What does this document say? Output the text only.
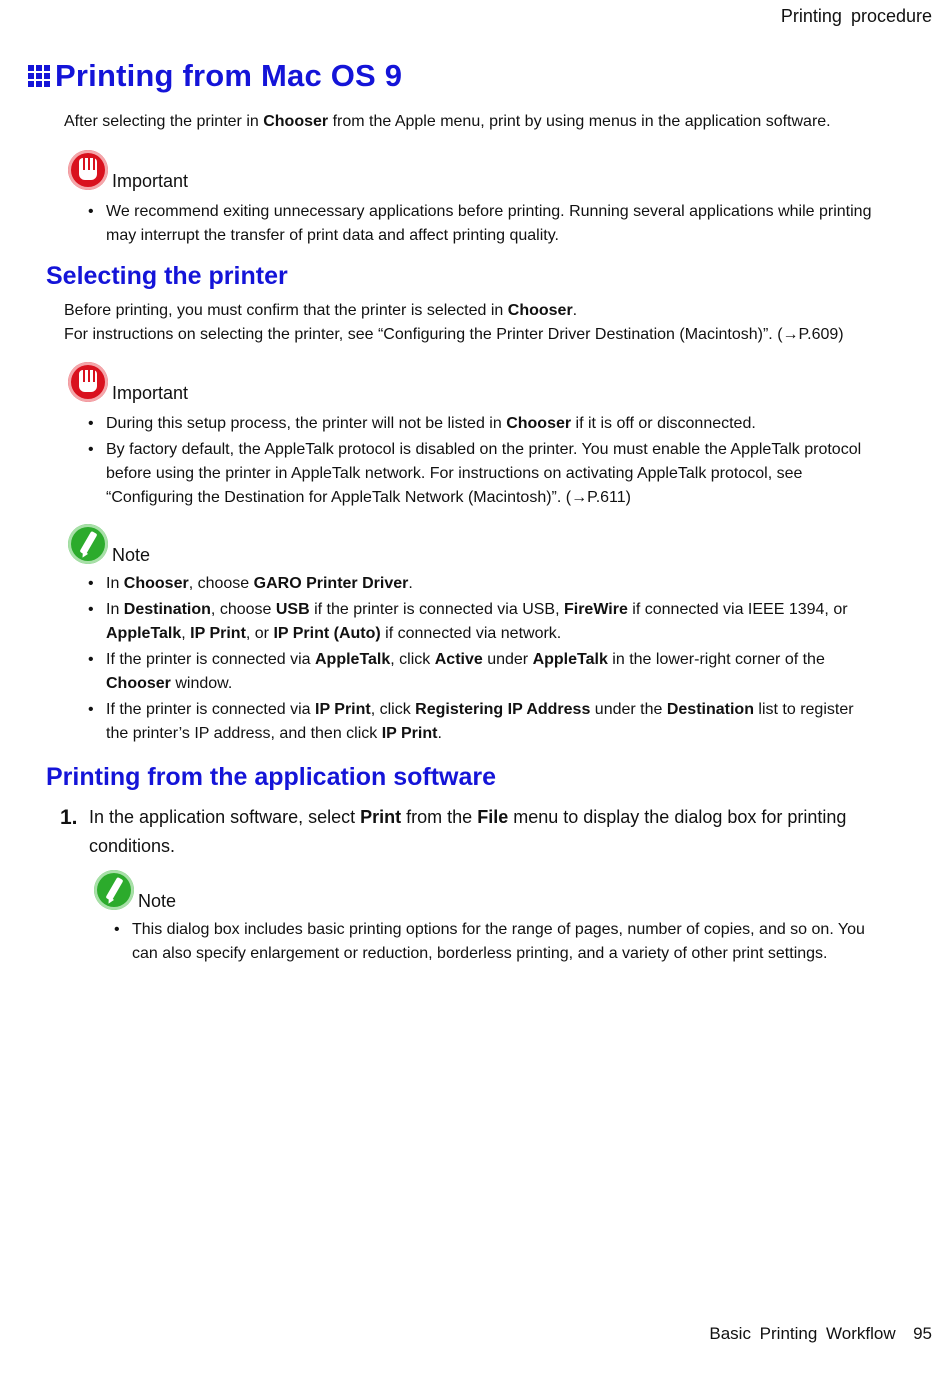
Printing procedure
Printing from Mac OS 9
After selecting the printer in Chooser from the Apple menu, print by using menus in the application software.
Important
• We recommend exiting unnecessary applications before printing. Running several applications while printing may interrupt the transfer of print data and affect printing quality.
Selecting the printer
Before printing, you must confirm that the printer is selected in Chooser.
For instructions on selecting the printer, see “Configuring the Printer Driver Destination (Macintosh)”. (→P.609)
Important
• During this setup process, the printer will not be listed in Chooser if it is off or disconnected.
• By factory default, the AppleTalk protocol is disabled on the printer. You must enable the AppleTalk protocol before using the printer in AppleTalk network. For instructions on activating AppleTalk protocol, see “Configuring the Destination for AppleTalk Network (Macintosh)”. (→P.611)
Note
• In Chooser, choose GARO Printer Driver.
• In Destination, choose USB if the printer is connected via USB, FireWire if connected via IEEE 1394, or AppleTalk, IP Print, or IP Print (Auto) if connected via network.
• If the printer is connected via AppleTalk, click Active under AppleTalk in the lower-right corner of the Chooser window.
• If the printer is connected via IP Print, click Registering IP Address under the Destination list to register the printer’s IP address, and then click IP Print.
Printing from the application software
1. In the application software, select Print from the File menu to display the dialog box for printing conditions.
Note
• This dialog box includes basic printing options for the range of pages, number of copies, and so on. You can also specify enlargement or reduction, borderless printing, and a variety of other print settings.
Basic Printing Workflow 95
